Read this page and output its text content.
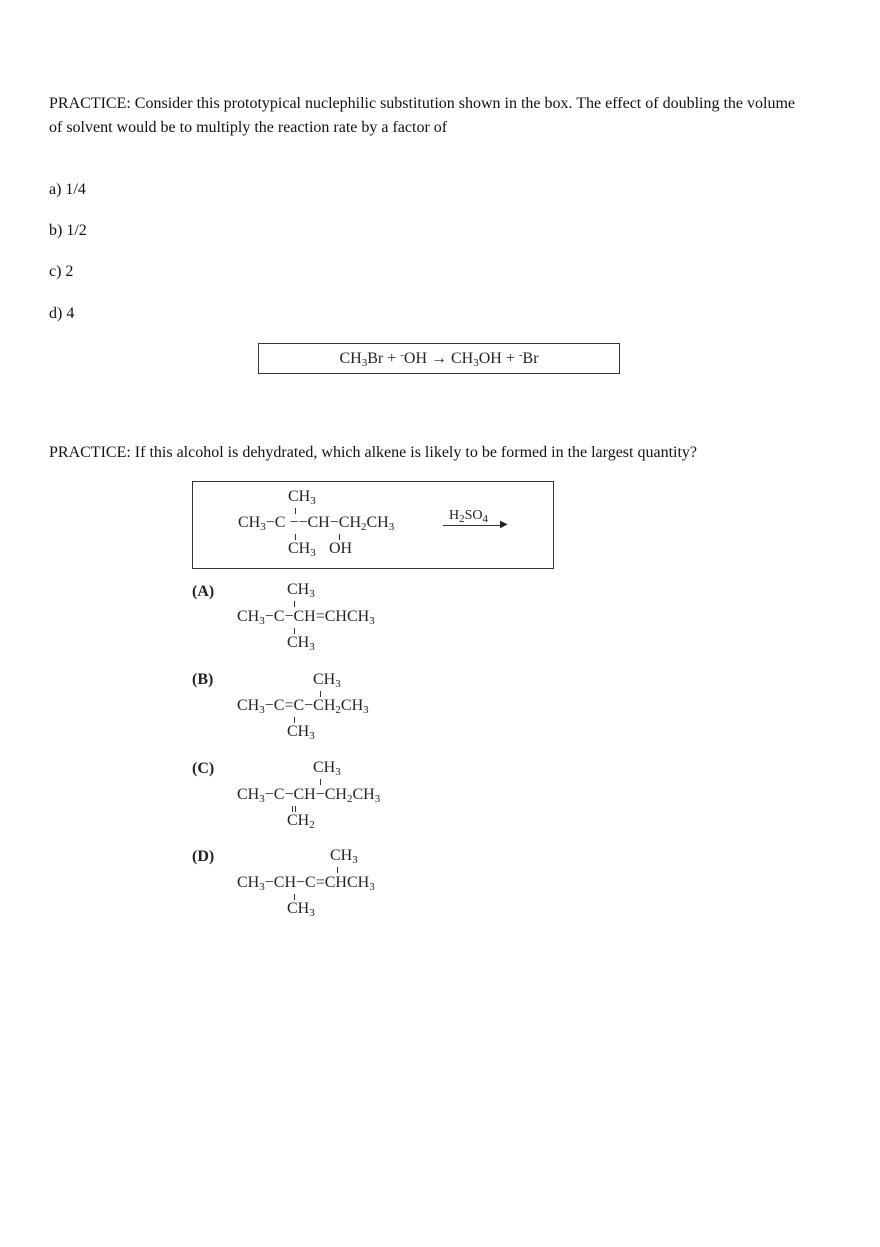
PRACTICE: Consider this prototypical nuclephilic substitution shown in the box. The effect of doubling the volume of solvent would be to multiply the reaction rate by a factor of
a) 1/4
b) 1/2
c) 2
d) 4
$CH_3Br$
+
-OH
→
$CH_3OH$
+
-Br
PRACTICE: If this alcohol is dehydrated, which alkene is likely to be formed in the largest quantity?
$CH_3$
$CH_3-C --CH-CH_2CH_3$
$H_2SO_4$ ▶
$CH_3$ OH
(A)	$CH_3$
$CH_3-C-CH=CHCH_3$
$CH_3$
(B)	$CH_3$
$CH_3-C=C-CH_2CH_3$
$CH_3$
(C)	$CH_3$
$CH_3-C-CH-CH_2CH_3$
$CH_2$
(D)	$CH_3$
$CH_3-CH-C=CHCH_3$
$CH_3$
